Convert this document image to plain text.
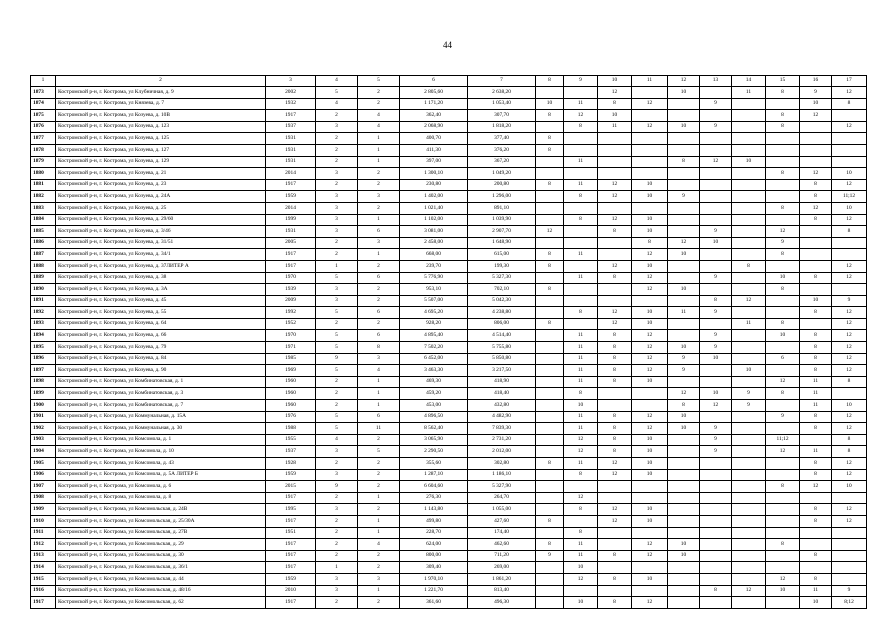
44
1	2	3	4	5	6	7	8	9	10	11	12	13	14	15	16	17
1873	Костромской р-н, г. Кострома, ул Клубничная, д. 9	2002	5	2	2 805,60	2 638,20			12		10		11	8	9	12
1874	Костромской р-н, г. Кострома, ул Князева, д. 7	1932	4	2	1 171,20	1 053,40	10	11	8	12		9			10	8
1875	Костромской р-н, г. Кострома, ул Козуева, д. 10В	1917	2	4	362,40	307,70	8	12	10					8	12	
1876	Костромской р-н, г. Кострома, ул Козуева, д. 123	1937	3	4	2 068,90	1 818,20		8	11	12	10	9		8		12
1877	Костромской р-н, г. Кострома, ул Козуева, д. 125	1931	2	1	400,70	377,40	8									
1878	Костромской р-н, г. Кострома, ул Козуева, д. 127	1931	2	1	411,30	376,20	8									
1879	Костромской р-н, г. Кострома, ул Козуева, д. 129	1931	2	1	397,00	367,20		11			8	12	10			
1880	Костромской р-н, г. Кострома, ул Козуева, д. 21	2014	3	2	1 300,10	1 049,20								8	12	10
1881	Костромской р-н, г. Кострома, ул Козуева, д. 23	1917	2	2	230,80	200,80	8	11	12	10					8	12
1882	Костромской р-н, г. Кострома, ул Козуева, д. 24А	1959	3	3	1 402,00	1 296,00		8	12	10	9				8	11;12
1883	Костромской р-н, г. Кострома, ул Козуева, д. 25	2014	3	2	1 021,40	891,10								8	12	10
1884	Костромской р-н, г. Кострома, ул Козуева, д. 29/60	1999	3	1	1 102,00	1 039,90		8	12	10					8	12
1885	Костромской р-н, г. Кострома, ул Козуева, д. 3/46	1931	3	6	3 081,00	2 907,70	12		8	10		9		12		8
1886	Костромской р-н, г. Кострома, ул Козуева, д. 31/51	2005	2	3	2 458,00	1 648,90				8	12	10		9		
1887	Костромской р-н, г. Кострома, ул Козуева, д. 34/1	1917	2	1	668,00	615,00	8	11		12	10			8		
1888	Костромской р-н, г. Кострома, ул Козуева, д. 37ЛИТЕР А	1917	1	2	239,70	199,30	8		12	10			8			12
1889	Костромской р-н, г. Кострома, ул Козуева, д. 38	1970	5	6	5 776,90	5 327,30		11	8	12		9		10	8	12
1890	Костромской р-н, г. Кострома, ул Козуева, д. 3А	1939	3	2	953,10	702,10	8			12	10			8		
1891	Костромской р-н, г. Кострома, ул Козуева, д. 45	2009	3	2	5 507,00	5 042,30						8	12		10	9
1892	Костромской р-н, г. Кострома, ул Козуева, д. 55	1992	5	6	4 695,20	4 238,80		8	12	10	11	9			8	12
1893	Костромской р-н, г. Кострома, ул Козуева, д. 64	1952	2	2	928,20	806,00	8		12	10			11	8		12
1894	Костромской р-н, г. Кострома, ул Козуева, д. 66	1970	5	6	4 895,40	4 514,40		11	8	12		9		10	8	12
1895	Костромской р-н, г. Кострома, ул Козуева, д. 79	1971	5	8	7 502,20	5 755,80		11	8	12	10	9			8	12
1896	Костромской р-н, г. Кострома, ул Козуева, д. 84	1985	9	3	6 452,00	5 850,80		11	8	12	9	10		6	8	12
1897	Костромской р-н, г. Кострома, ул Козуева, д. 90	1969	5	4	3 463,30	3 217,50		11	8	12	9		10		8	12
1898	Костромской р-н, г. Кострома, ул Комбинатовская, д. 1	1960	2	1	469,30	418,90		11	8	10				12	11	8
1899	Костромской р-н, г. Кострома, ул Комбинатовская, д. 3	1960	2	1	459,20	418,40		8			12	10	9	8	11	
1900	Костромской р-н, г. Кострома, ул Комбинатовская, д. 7	1960	2	1	453,00	432,80		10			8	12	9		11	10
1901	Костромской р-н, г. Кострома, ул Коммунальная, д. 15А	1976	5	6	4 896,50	4 482,90		11	8	12	10			9	8	12
1902	Костромской р-н, г. Кострома, ул Коммунальная, д. 30	1988	5	11	8 562,40	7 839,30		11	8	12	10	9			8	12
1903	Костромской р-н, г. Кострома, ул Комсомола, д. 1	1955	4	2	3 065,90	2 731,20		12	8	10		9		11;12		8
1904	Костромской р-н, г. Кострома, ул Комсомола, д. 10	1937	3	5	2 290,50	2 012,00		12	8	10		9		12	11	8
1905	Костромской р-н, г. Кострома, ул Комсомола, д. 43	1928	2	2	355,60	302,80	8	11	12	10					8	12
1906	Костромской р-н, г. Кострома, ул Комсомола, д. 5А ЛИТЕР Б	1959	3	2	1 287,10	1 186,10		8	12	10					8	12
1907	Костромской р-н, г. Кострома, ул Комсомола, д. 6	2015	9	2	6 604,60	5 327,90								8	12	10
1908	Костромской р-н, г. Кострома, ул Комсомола, д. 8	1917	2	1	276,30	264,70		12								
1909	Костромской р-н, г. Кострома, ул Комсомольская, д. 24В	1995	3	2	1 143,80	1 055,00		8	12	10					8	12
1910	Костромской р-н, г. Кострома, ул Комсомольская, д. 25/30А	1917	2	1	499,80	427,60	8		12	10					8	12
1911	Костромской р-н, г. Кострома, ул Комсомольская, д. 27В	1951	2	1	228,70	174,40		8								
1912	Костромской р-н, г. Кострома, ул Комсомольская, д. 29	1917	2	4	624,00	462,60	8	11		12	10			8		
1913	Костромской р-н, г. Кострома, ул Комсомольская, д. 30	1917	2	2	800,00	711,20	9	11	8	12	10				8	
1914	Костромской р-н, г. Кострома, ул Комсомольская, д. 36/1	1917	1	2	309,40	269,00		10								
1915	Костромской р-н, г. Кострома, ул Комсомольская, д. 44	1959	3	3	1 970,10	1 861,20		12	8	10				12	8	
1916	Костромской р-н, г. Кострома, ул Комсомольская, д. 48/16	2010	3	1	1 221,70	813,40						8	12	10	11	9
1917	Костромской р-н, г. Кострома, ул Комсомольская, д. 62	1917	2	2	361,60	496,30		10	8	12					10	8;12
